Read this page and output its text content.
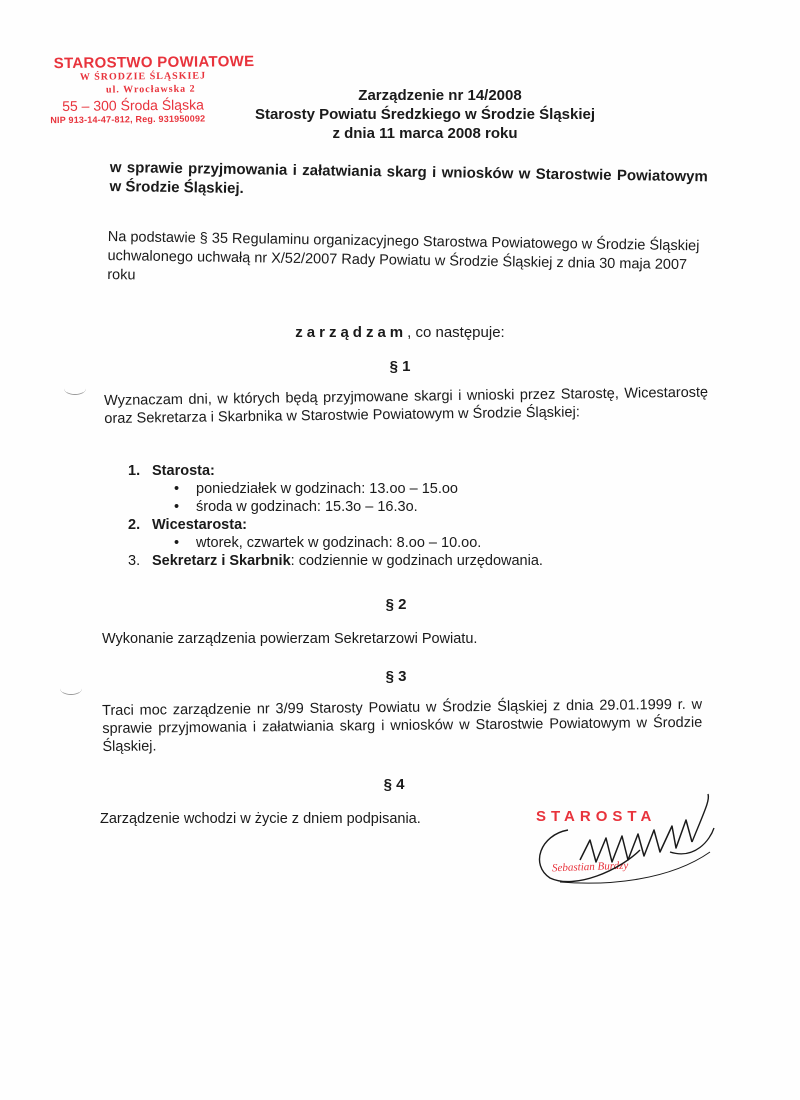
STAROSTWO POWIATOWE
W ŚRODZIE ŚLĄSKIEJ
ul. Wrocławska 2
55 – 300 Środa Śląska
NIP 913-14-47-812, Reg. 931950092
Zarządzenie nr 14/2008
Starosty Powiatu Średzkiego w Środzie Śląskiej
z dnia 11 marca 2008 roku
w sprawie przyjmowania i załatwiania skarg i wniosków w Starostwie Powiatowym w Środzie Śląskiej.
Na podstawie § 35 Regulaminu organizacyjnego Starostwa Powiatowego w Środzie Śląskiej uchwalonego uchwałą nr X/52/2007 Rady Powiatu w Środzie Śląskiej z dnia 30 maja 2007 roku
zarządzam, co następuje:
§ 1
Wyznaczam dni, w których będą przyjmowane skargi i wnioski przez Starostę, Wicestarostę oraz Sekretarza i Skarbnika w Starostwie Powiatowym w Środzie Śląskiej:
1. Starosta:
• poniedziałek w godzinach: 13.oo – 15.oo
• środa w godzinach: 15.3o – 16.3o.
2. Wicestarosta:
• wtorek, czwartek w godzinach: 8.oo – 10.oo.
3. Sekretarz i Skarbnik: codziennie w godzinach urzędowania.
§ 2
Wykonanie zarządzenia powierzam Sekretarzowi Powiatu.
§ 3
Traci moc zarządzenie nr 3/99 Starosty Powiatu w Środzie Śląskiej z dnia 29.01.1999 r. w sprawie przyjmowania i załatwiania skarg i wniosków w Starostwie Powiatowym w Środzie Śląskiej.
§ 4
Zarządzenie wchodzi w życie z dniem podpisania.	STAROSTA
Sebastian Burdzy
